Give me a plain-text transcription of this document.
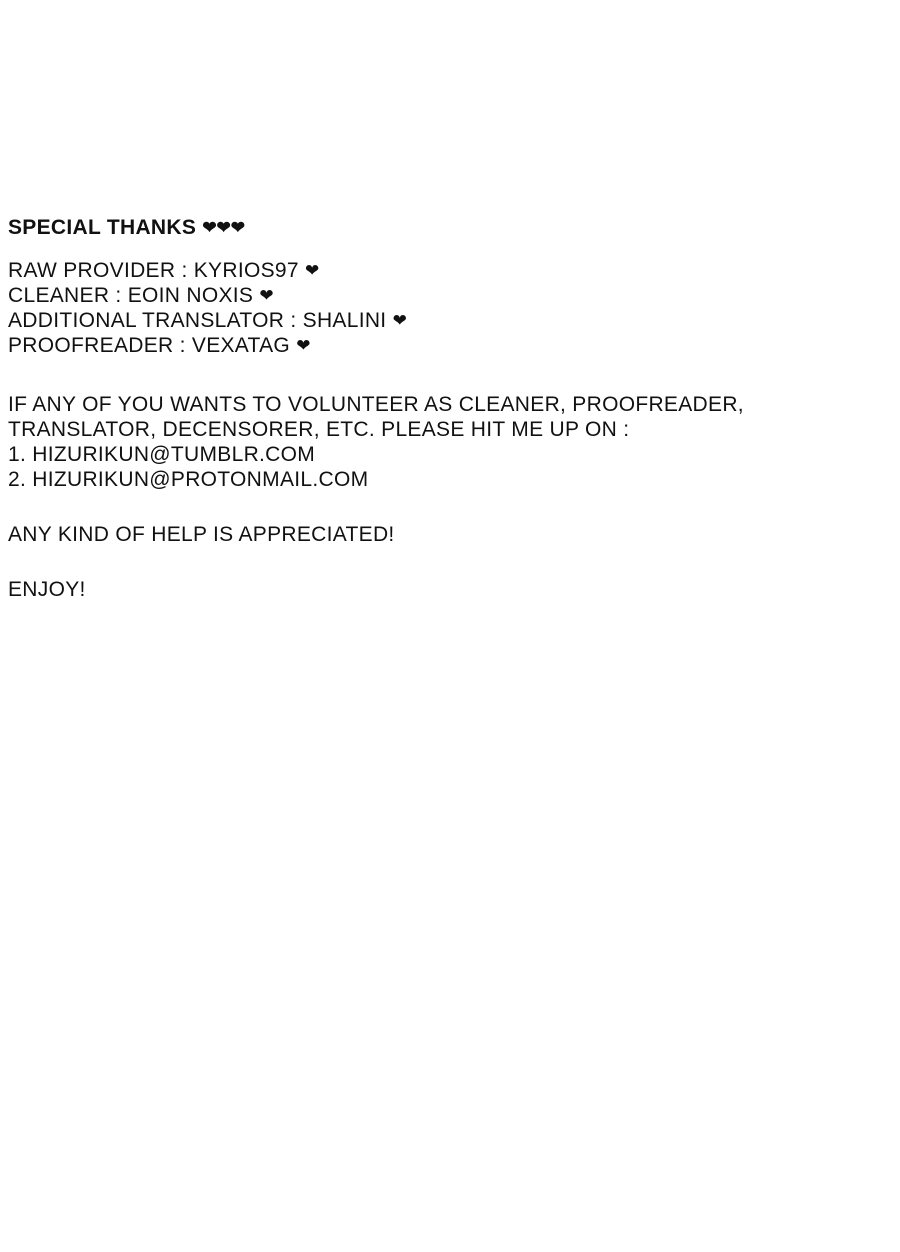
SPECIAL THANKS ❤❤❤
RAW PROVIDER : KYRIOS97 ❤
CLEANER : EOIN NOXIS ❤
ADDITIONAL TRANSLATOR : SHALINI ❤
PROOFREADER : VEXATAG ❤
IF ANY OF YOU WANTS TO VOLUNTEER AS CLEANER, PROOFREADER,
TRANSLATOR, DECENSORER, ETC. PLEASE HIT ME UP ON :
1. HIZURIKUN@TUMBLR.COM
2. HIZURIKUN@PROTONMAIL.COM
ANY KIND OF HELP IS APPRECIATED!
ENJOY!
